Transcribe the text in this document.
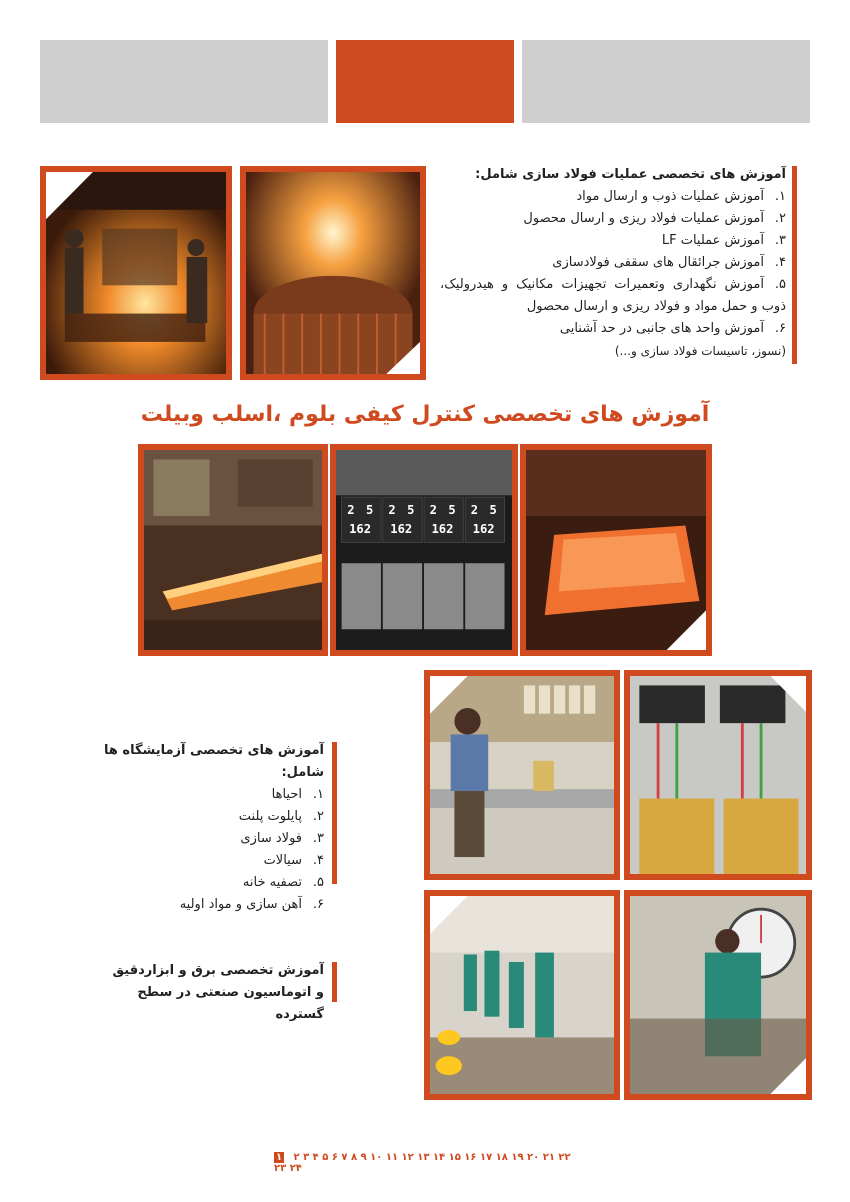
آموزش های تخصصی عملیات فولاد سازی شامل:
۱.آموزش عملیات ذوب و ارسال مواد
۲.آموزش عملیات فولاد ریزی و ارسال محصول
۳.آموزش عملیات LF
۴.آموزش جرائقال های سقفی فولادسازی
۵.آموزش نگهداری وتعمیرات تجهیزات مکانیک و هیدرولیک، ذوب و حمل مواد و فولاد ریزی و ارسال محصول
۶.آموزش واحد های جانبی در حد آشنایی
(نسوز، تاسیسات فولاد سازی و...)
آموزش های تخصصی کنترل کیفی بلوم ،اسلب وبیلت
2 5 2 5 2 5 2 5
162 162 162 162
آموزش های تخصصی آزمایشگاه ها شامل:
۱.احیاها
۲.پایلوت پلنت
۳.فولاد سازی
۴.سیالات
۵.تصفیه خانه
۶.آهن سازی و مواد اولیه
آموزش تخصصی برق و ابزاردقیق
و اتوماسیون صنعتی در سطح گسترده
۱ ۲ ۳ ۴ ۵ ۶ ۷ ۸ ۹ ۱۰ ۱۱ ۱۲ ۱۳ ۱۴ ۱۵ ۱۶ ۱۷ ۱۸ ۱۹ ۲۰ ۲۱ ۲۲ ۲۳ ۲۴
